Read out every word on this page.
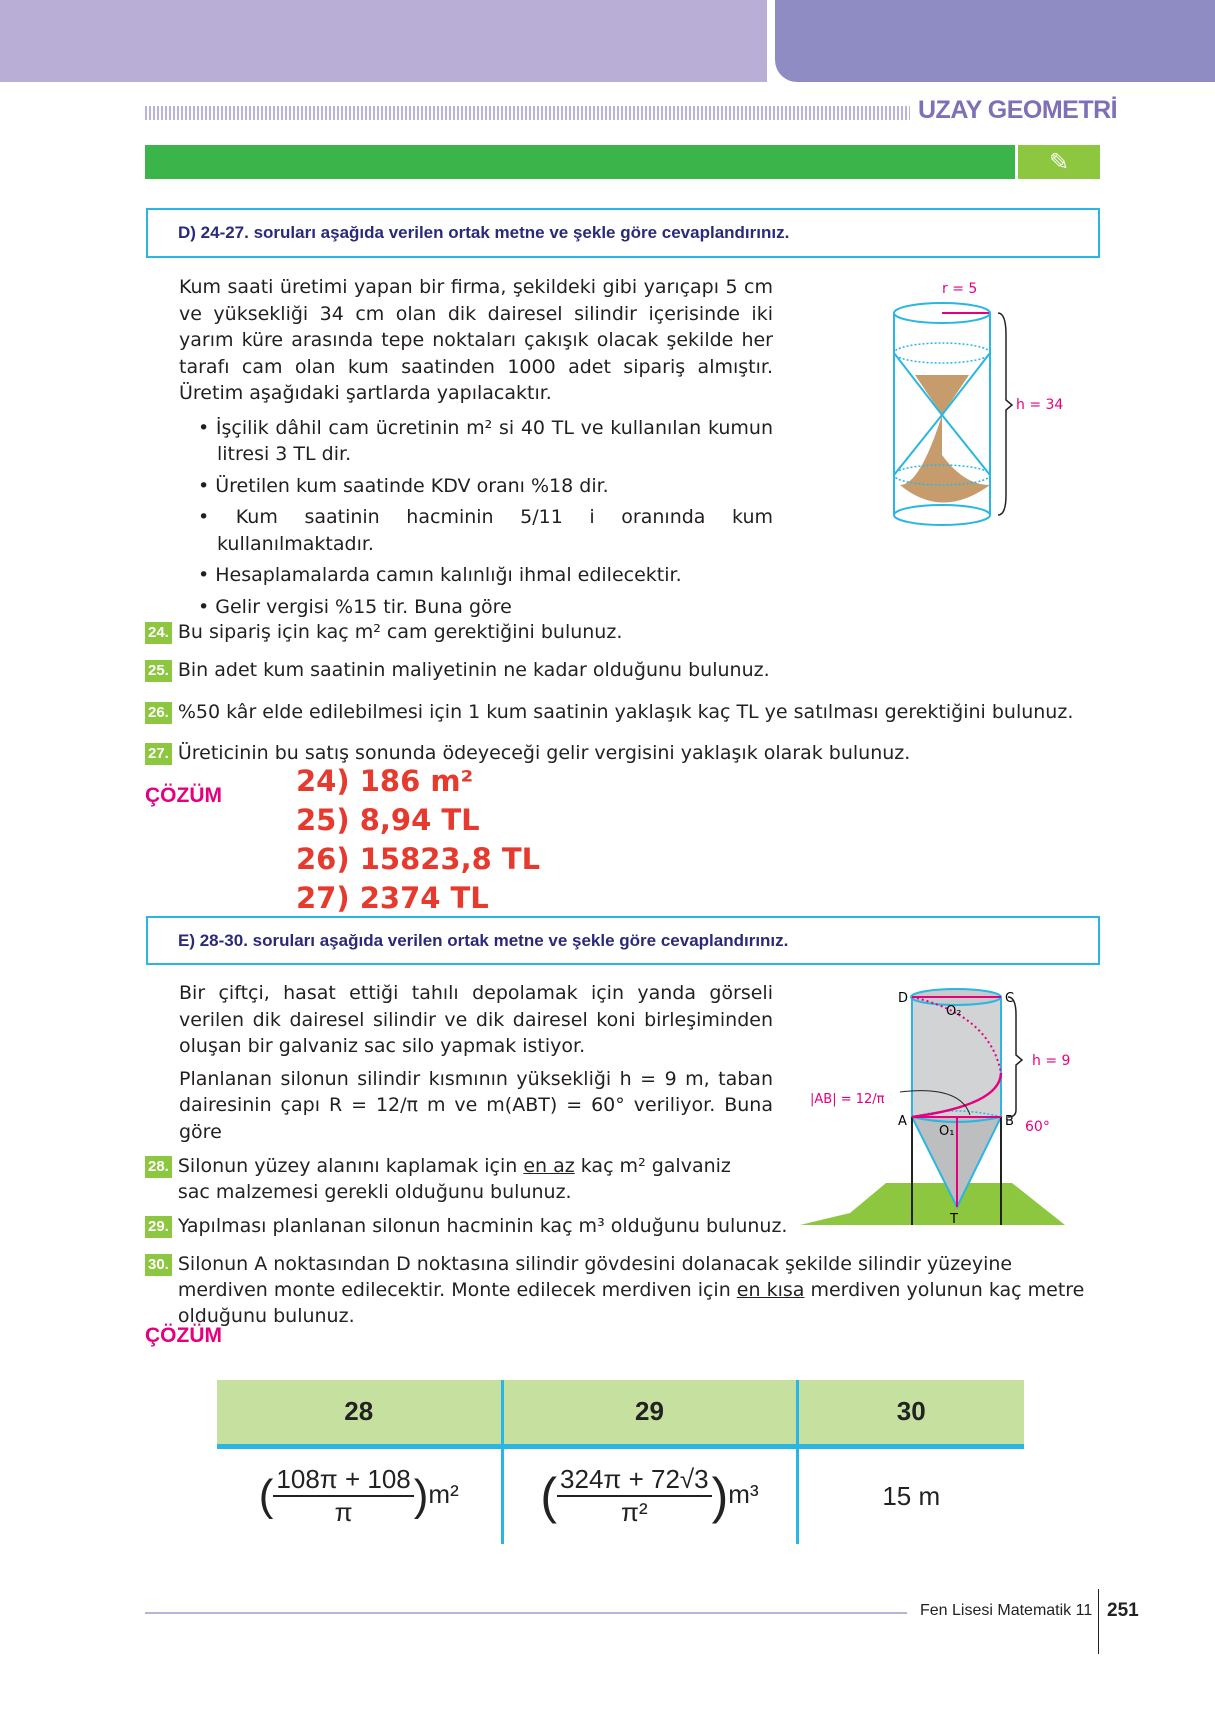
UZAY GEOMETRİ
✎
D) 24-27. soruları aşağıda verilen ortak metne ve şekle göre cevaplandırınız.
Kum saati üretimi yapan bir firma, şekildeki gibi yarıçapı 5 cm ve yüksekliği 34 cm olan dik dairesel silindir içerisinde iki yarım küre arasında tepe noktaları çakışık olacak şekilde her tarafı cam olan kum saatinden 1000 adet sipariş almıştır. Üretim aşağıdaki şartlarda yapılacaktır.
• İşçilik dâhil cam ücretinin m² si 40 TL ve kullanılan kumun litresi 3 TL dir.
• Üretilen kum saatinde KDV oranı %18 dir.
• Kum saatinin hacminin 5/11 i oranında kum kullanılmaktadır.
• Hesaplamalarda camın kalınlığı ihmal edilecektir.
• Gelir vergisi %15 tir. Buna göre
r = 5
h = 34
24. Bu sipariş için kaç m² cam gerektiğini bulunuz.
25. Bin adet kum saatinin maliyetinin ne kadar olduğunu bulunuz.
26. %50 kâr elde edilebilmesi için 1 kum saatinin yaklaşık kaç TL ye satılması gerektiğini bulunuz.
27. Üreticinin bu satış sonunda ödeyeceği gelir vergisini yaklaşık olarak bulunuz.
ÇÖZÜM	24) 186 m²
25) 8,94 TL
26) 15823,8 TL
27) 2374 TL
E) 28-30. soruları aşağıda verilen ortak metne ve şekle göre cevaplandırınız.
Bir çiftçi, hasat ettiği tahılı depolamak için yanda görseli verilen dik dairesel silindir ve dik dairesel koni birleşiminden oluşan bir galvaniz sac silo yapmak istiyor.
Planlanan silonun silindir kısmının yüksekliği h = 9 m, taban dairesinin çapı R = 12/π m ve m(ABT) = 60° veriliyor. Buna göre
D	C
O₂
A	B
O₁
T
h = 9
|AB| = 12/π
60°
28. Silonun yüzey alanını kaplamak için en az kaç m² galvaniz sac malzemesi gerekli olduğunu bulunuz.
29. Yapılması planlanan silonun hacminin kaç m³ olduğunu bulunuz.
30. Silonun A noktasından D noktasına silindir gövdesini dolanacak şekilde silindir yüzeyine merdiven monte edilecektir. Monte edilecek merdiven için en kısa merdiven yolunun kaç metre olduğunu bulunuz.
ÇÖZÜM
28	29	30
( $\frac{108\pi + 108}{\pi} )m^2$	( $\frac{324\pi + 72√3}{\text{π²}} )m^3$	15 m
Fen Lisesi Matematik 11 251
